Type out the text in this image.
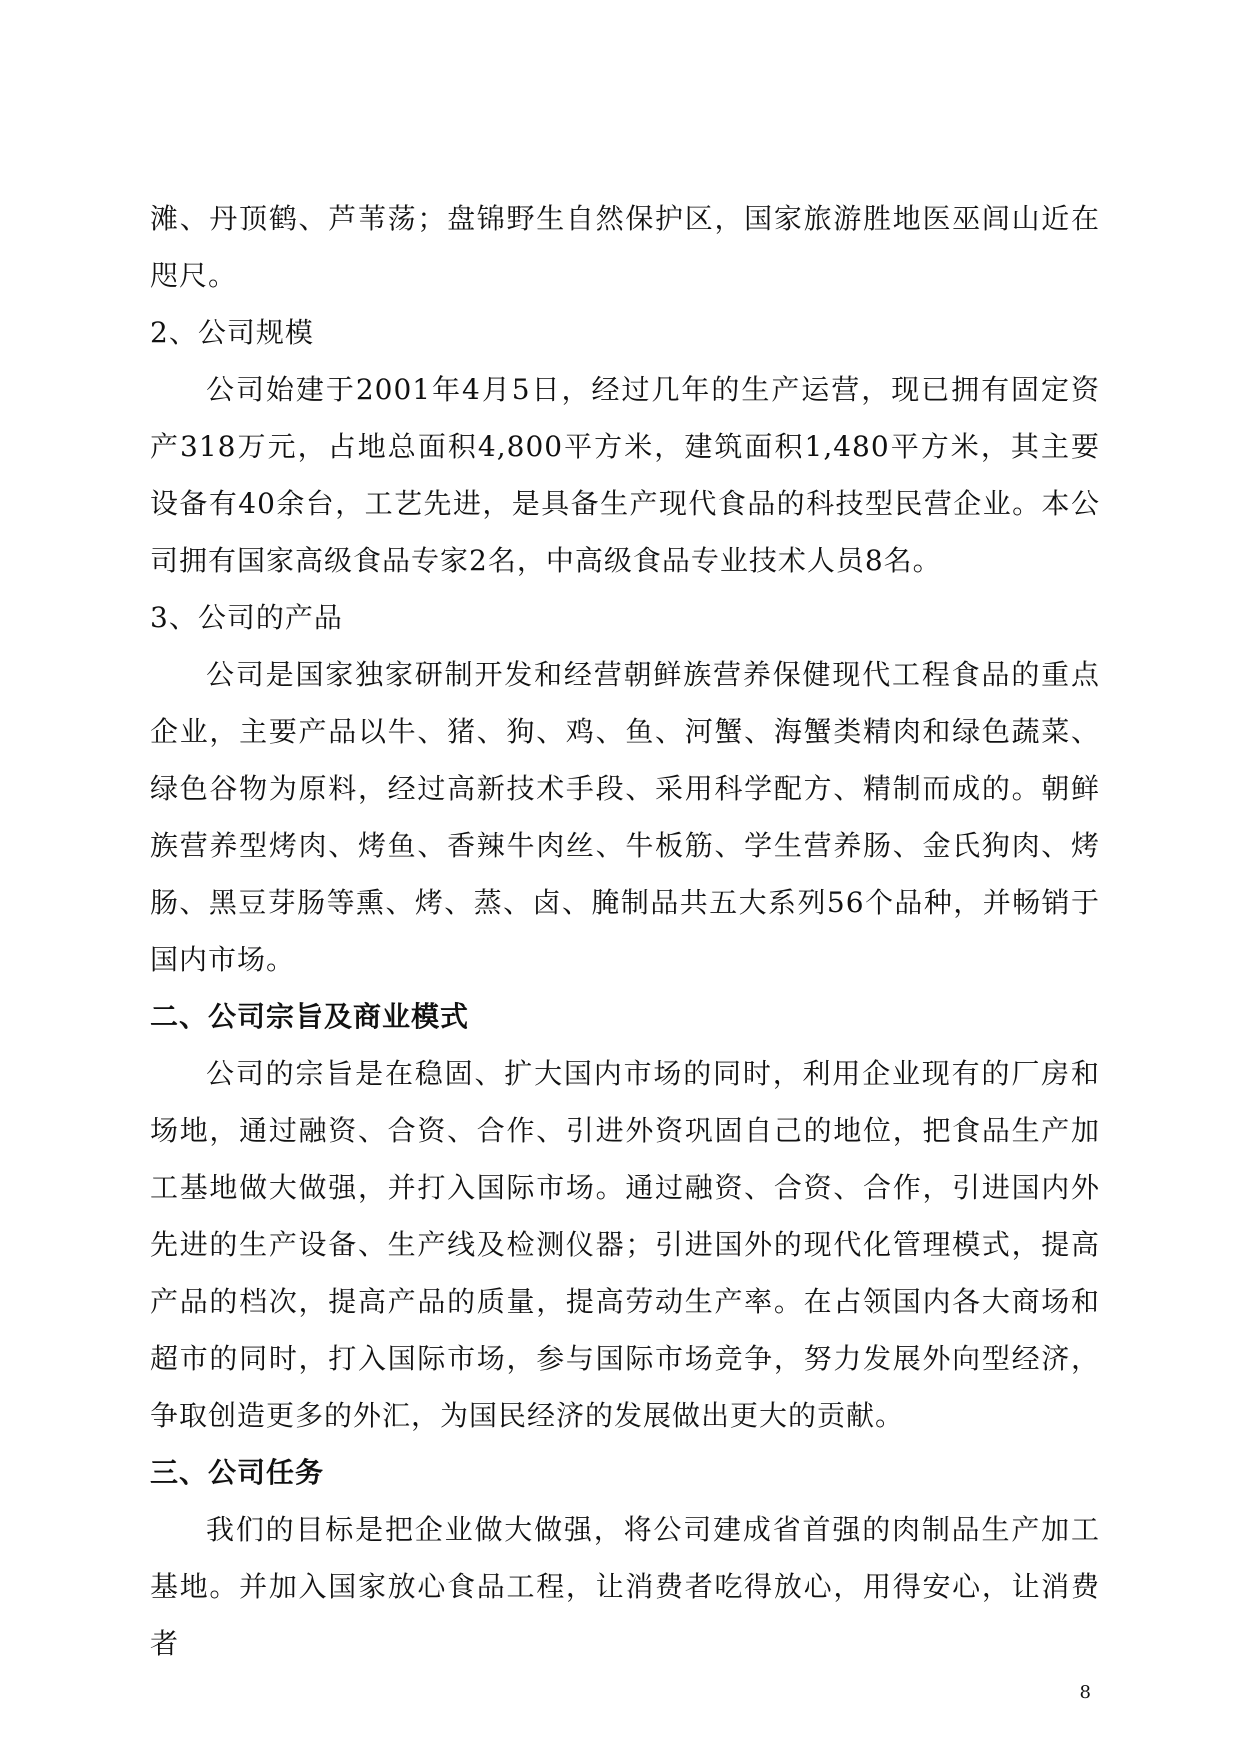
滩、丹顶鹤、芦苇荡；盘锦野生自然保护区，国家旅游胜地医巫闾山近在咫尺。

2、公司规模

公司始建于2001年4月5日，经过几年的生产运营，现已拥有固定资产318万元，占地总面积4,800平方米，建筑面积1,480平方米，其主要设备有40余台，工艺先进，是具备生产现代食品的科技型民营企业。本公司拥有国家高级食品专家2名，中高级食品专业技术人员8名。

3、公司的产品

公司是国家独家研制开发和经营朝鲜族营养保健现代工程食品的重点企业，主要产品以牛、猪、狗、鸡、鱼、河蟹、海蟹类精肉和绿色蔬菜、绿色谷物为原料，经过高新技术手段、采用科学配方、精制而成的。朝鲜族营养型烤肉、烤鱼、香辣牛肉丝、牛板筋、学生营养肠、金氏狗肉、烤肠、黑豆芽肠等熏、烤、蒸、卤、腌制品共五大系列56个品种，并畅销于国内市场。

二、公司宗旨及商业模式

公司的宗旨是在稳固、扩大国内市场的同时，利用企业现有的厂房和场地，通过融资、合资、合作、引进外资巩固自己的地位，把食品生产加工基地做大做强，并打入国际市场。通过融资、合资、合作，引进国内外先进的生产设备、生产线及检测仪器；引进国外的现代化管理模式，提高产品的档次，提高产品的质量，提高劳动生产率。在占领国内各大商场和超市的同时，打入国际市场，参与国际市场竞争，努力发展外向型经济，争取创造更多的外汇，为国民经济的发展做出更大的贡献。

三、公司任务

我们的目标是把企业做大做强，将公司建成省首强的肉制品生产加工基地。并加入国家放心食品工程，让消费者吃得放心，用得安心，让消费者

8
